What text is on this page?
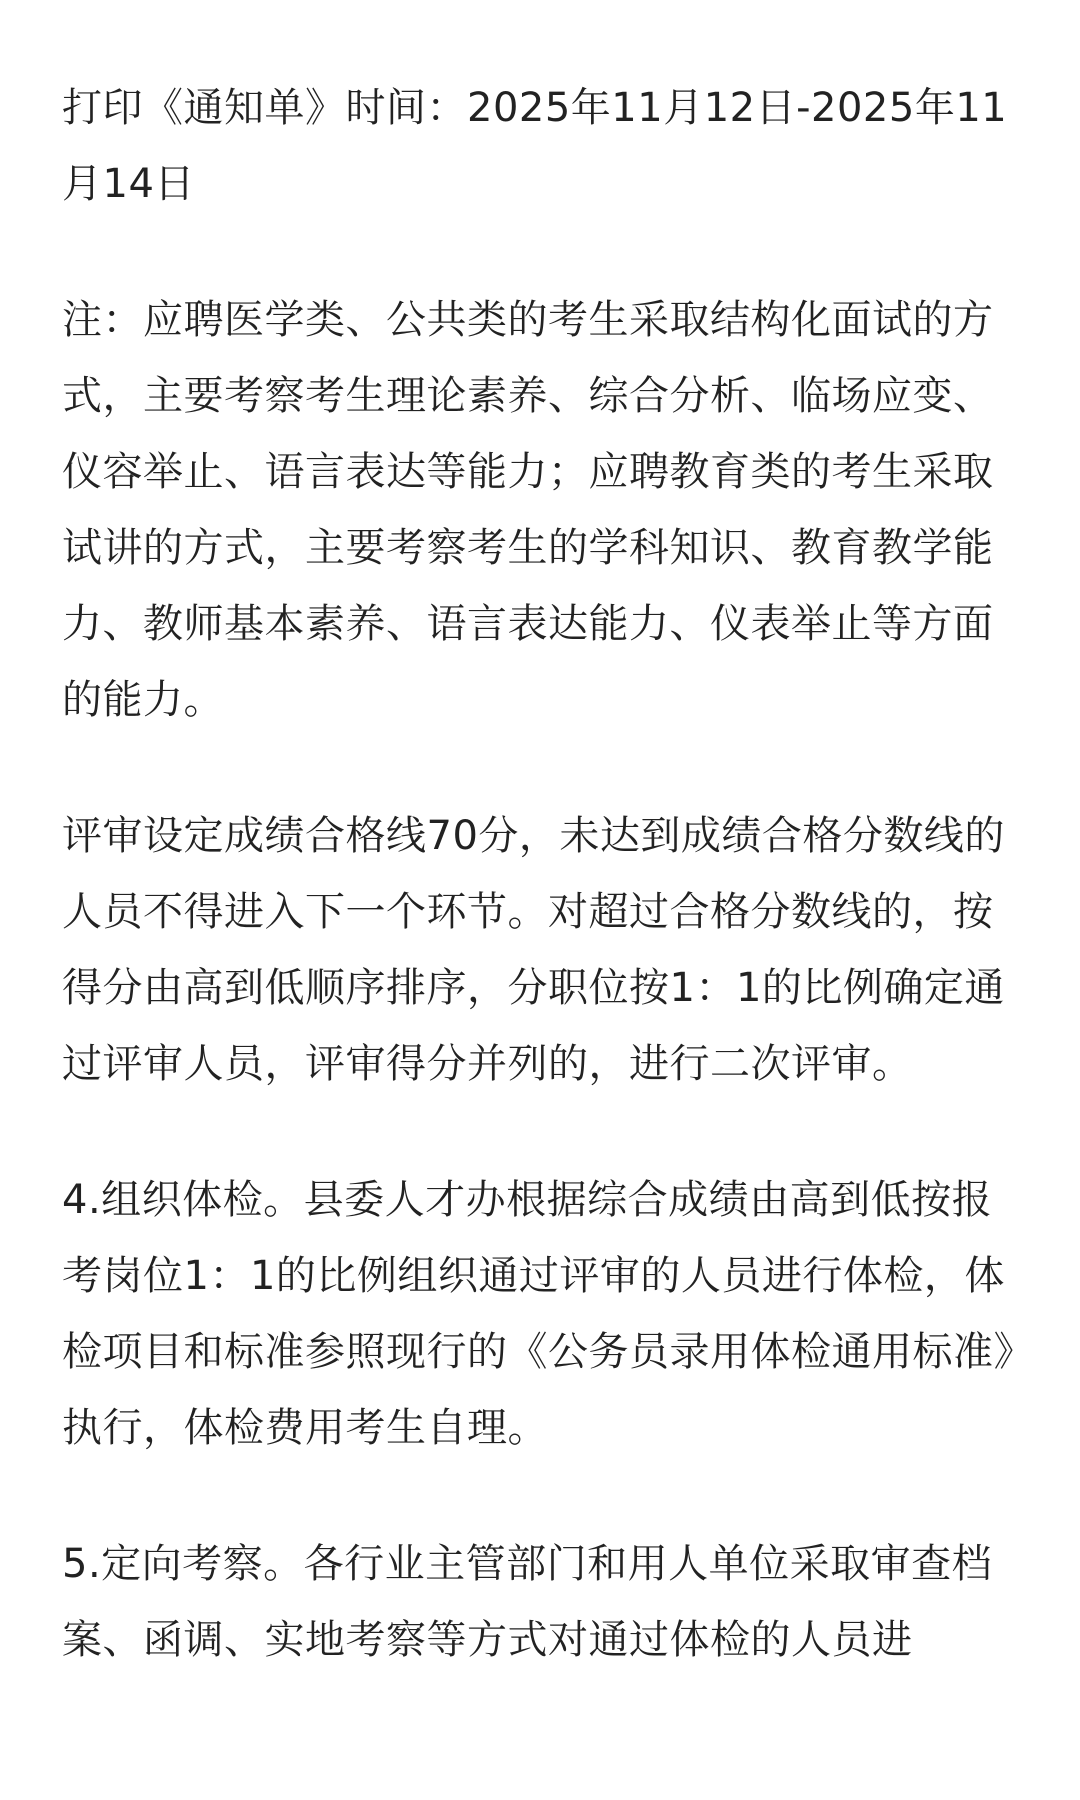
打印《通知单》时间：2025年11月12日-2025年11月14日

注：应聘医学类、公共类的考生采取结构化面试的方式，主要考察考生理论素养、综合分析、临场应变、仪容举止、语言表达等能力；应聘教育类的考生采取试讲的方式，主要考察考生的学科知识、教育教学能力、教师基本素养、语言表达能力、仪表举止等方面的能力。

评审设定成绩合格线70分，未达到成绩合格分数线的人员不得进入下一个环节。对超过合格分数线的，按得分由高到低顺序排序，分职位按1：1的比例确定通过评审人员，评审得分并列的，进行二次评审。

4.组织体检。县委人才办根据综合成绩由高到低按报考岗位1：1的比例组织通过评审的人员进行体检，体检项目和标准参照现行的《公务员录用体检通用标准》执行，体检费用考生自理。

5.定向考察。各行业主管部门和用人单位采取审查档案、函调、实地考察等方式对通过体检的人员进
